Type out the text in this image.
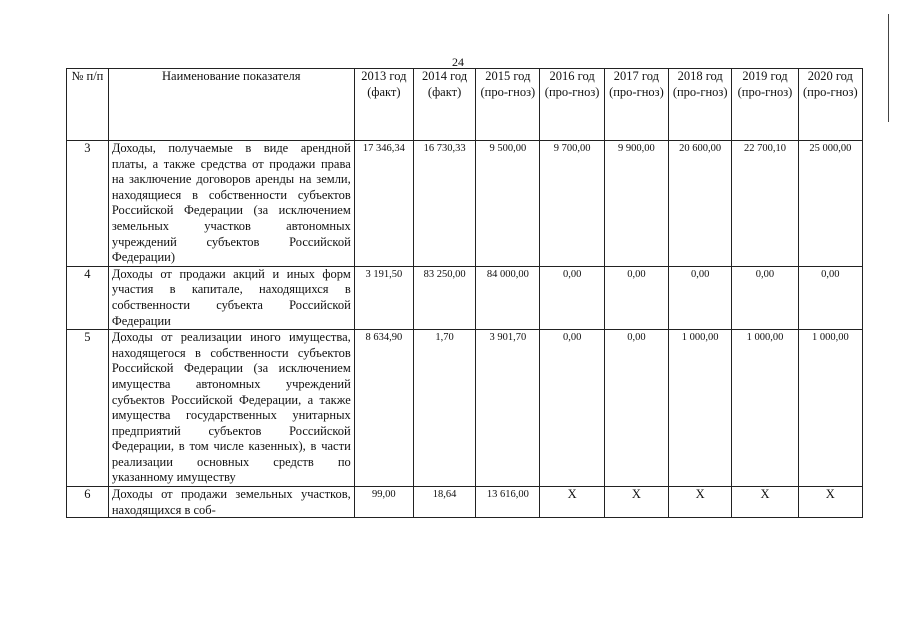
24
№ п/п	Наименование показателя	2013 год (факт)	2014 год (факт)	2015 год (про-гноз)	2016 год (про-гноз)	2017 год (про-гноз)	2018 год (про-гноз)	2019 год (про-гноз)	2020 год (про-гноз)
3	Доходы, получаемые в виде арендной платы, а также средства от продажи права на заключение договоров аренды на земли, находящиеся в собственности субъектов Российской Федерации (за исключением земельных участков автономных учреждений субъектов Российской Федерации)	17 346,34	16 730,33	9 500,00	9 700,00	9 900,00	20 600,00	22 700,10	25 000,00
4	Доходы от продажи акций и иных форм участия в капитале, находящихся в собственности субъекта Российской Федерации	3 191,50	83 250,00	84 000,00	0,00	0,00	0,00	0,00	0,00
5	Доходы от реализации иного имущества, находящегося в собственности субъектов Российской Федерации (за исключением имущества автономных учреждений субъектов Российской Федерации, а также имущества государственных унитарных предприятий субъектов Российской Федерации, в том числе казенных), в части реализации основных средств по указанному имуществу	8 634,90	1,70	3 901,70	0,00	0,00	1 000,00	1 000,00	1 000,00
6	Доходы от продажи земельных участков, находящихся в соб-	99,00	18,64	13 616,00	X	X	X	X	X
